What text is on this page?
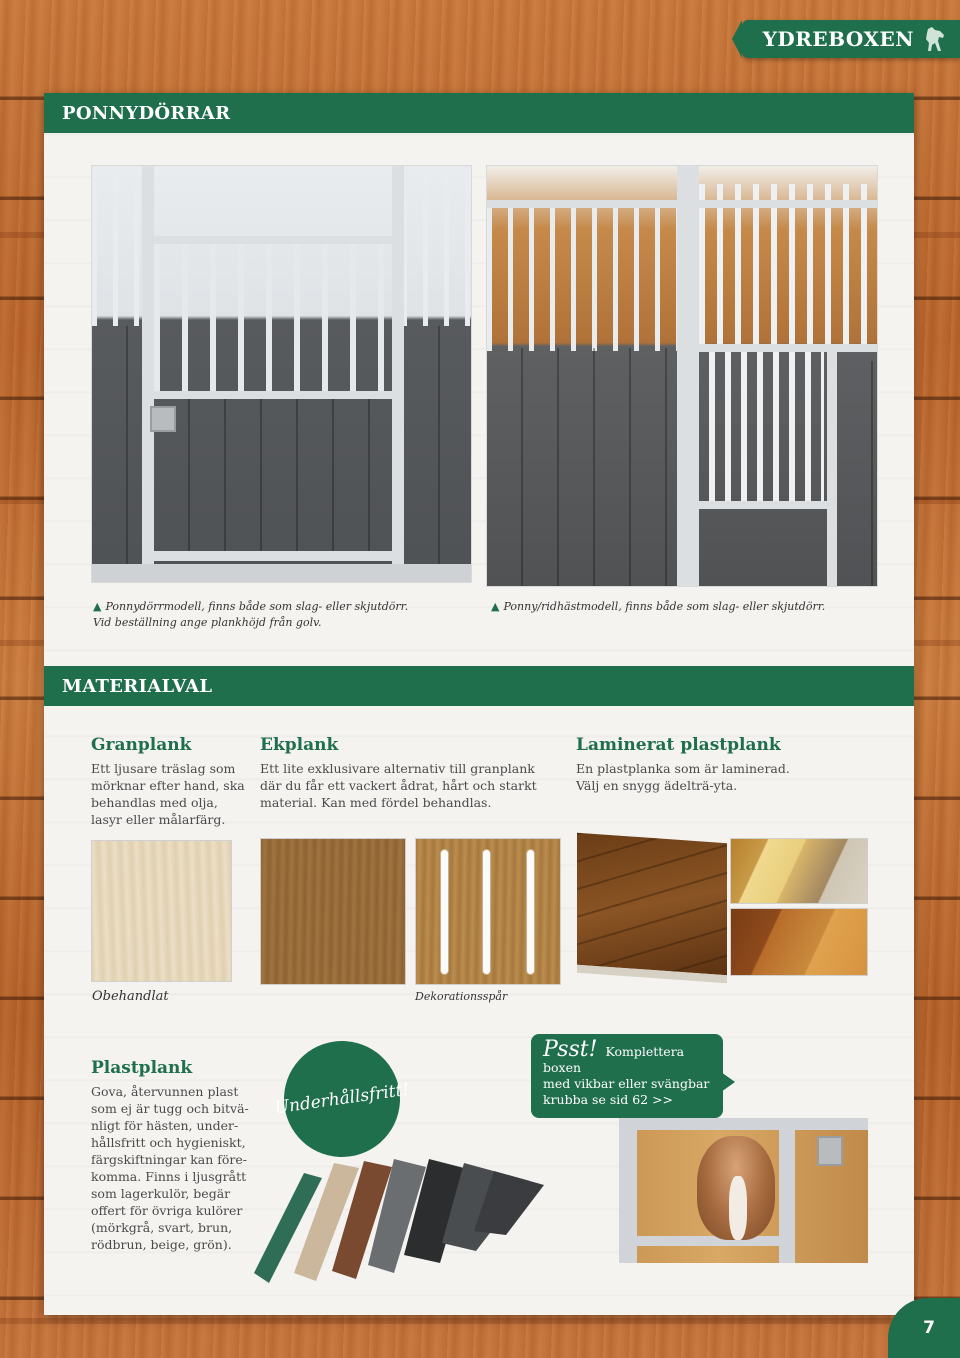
YDREBOXEN
PONNYDÖRRAR
▲ Ponnydörrmodell, finns både som slag- eller skjutdörr.
Vid beställning ange plankhöjd från golv.
▲ Ponny/ridhästmodell, finns både som slag- eller skjutdörr.
MATERIALVAL
Granplank
Ett ljusare träslag som
mörknar efter hand, ska
behandlas med olja,
lasyr eller målarfärg.
Ekplank
Ett lite exklusivare alternativ till granplank
där du får ett vackert ådrat, hårt och starkt
material. Kan med fördel behandlas.
Laminerat plastplank
En plastplanka som är laminerad.
Välj en snygg ädelträ-yta.
Obehandlat	Dekorationsspår
Plastplank
Gova, återvunnen plast
som ej är tugg och bitvä-
nligt för hästen, under-
hållsfritt och hygieniskt,
färgskiftningar kan före-
komma. Finns i ljusgrått
som lagerkulör, begär
offert för övriga kulörer
(mörkgrå, svart, brun,
rödbrun, beige, grön).
Underhållsfritt!
Psst! Komplettera boxen
med vikbar eller svängbar
krubba se sid 62 >>
7
